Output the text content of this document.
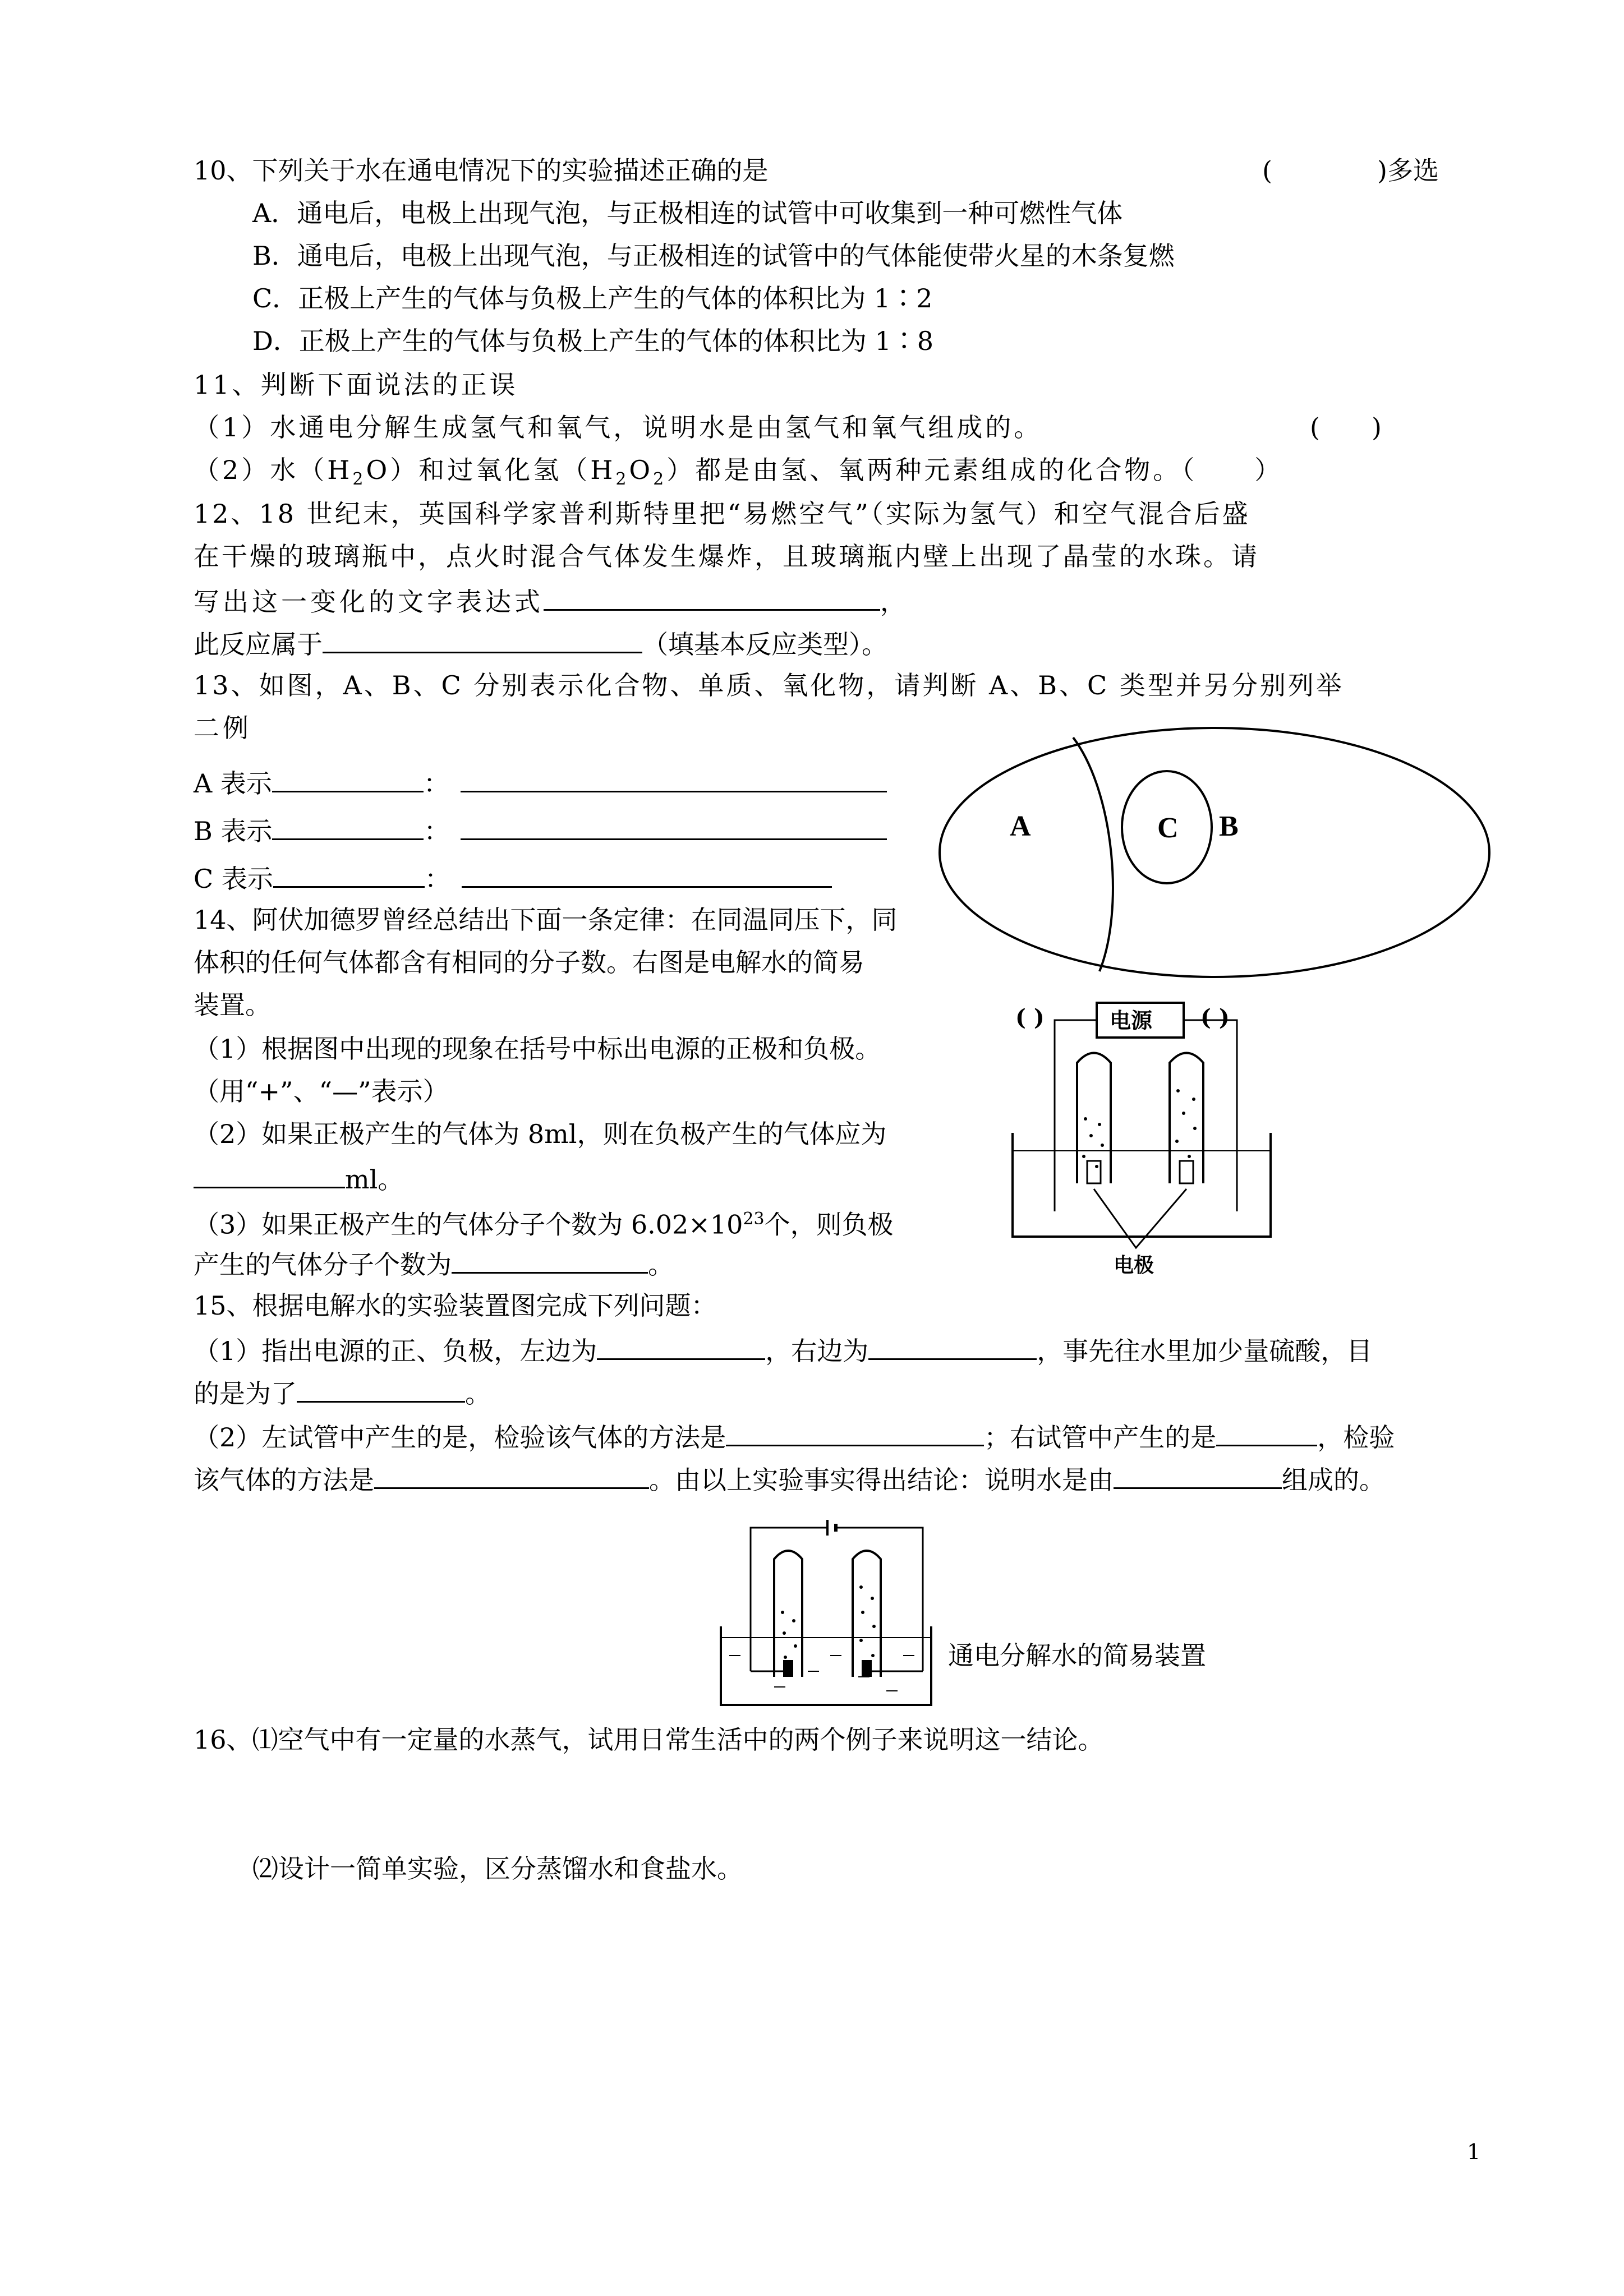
10、下列关于水在通电情况下的实验描述正确的是	(	)多选
A．通电后，电极上出现气泡，与正极相连的试管中可收集到一种可燃性气体
B．通电后，电极上出现气泡，与正极相连的试管中的气体能使带火星的木条复燃
C．正极上产生的气体与负极上产生的气体的体积比为 1∶2
D．正极上产生的气体与负极上产生的气体的体积比为 1∶8
11、判断下面说法的正误
（1）水通电分解生成氢气和氧气，说明水是由氢气和氧气组成的。	(　　)
（2）水$(H_2O)$和过氧化氢$(H_2O_2)$都是由氢、氧两种元素组成的化合物。（　　）
12、18 世纪末，英国科学家普利斯特里把“易燃空气”（实际为氢气）和空气混合后盛
在干燥的玻璃瓶中，点火时混合气体发生爆炸，且玻璃瓶内壁上出现了晶莹的水珠。请
写出这一变化的文字表达式	，
此反应属于	（填基本反应类型）。
13、如图，A、B、C 分别表示化合物、单质、氧化物，请判断 A、B、C 类型并另分别列举
二例
A 表示	：
B 表示	：
C 表示	：
A	C B
14、阿伏加德罗曾经总结出下面一条定律：在同温同压下，同
体积的任何气体都含有相同的分子数。右图是电解水的简易
装置。
（1）根据图中出现的现象在括号中标出电源的正极和负极。
（用“+”、“—”表示）
（2）如果正极产生的气体为 8ml，则在负极产生的气体应为
ml。
（3）如果正极产生的气体分子个数为 $6.02\times 10^{23}$个，则负极
产生的气体分子个数为	。
( )	( )
电源
电极
15、根据电解水的实验装置图完成下列问题：
（1）指出电源的正、负极，左边为	，右边为	，事先往水里加少量硫酸，目
的是为了	。
（2）左试管中产生的是，检验该气体的方法是	；右试管中产生的是	，检验
该气体的方法是	。由以上实验事实得出结论：说明水是由	组成的。
通电分解水的简易装置
16、⑴空气中有一定量的水蒸气，试用日常生活中的两个例子来说明这一结论。
⑵设计一简单实验，区分蒸馏水和食盐水。
1
